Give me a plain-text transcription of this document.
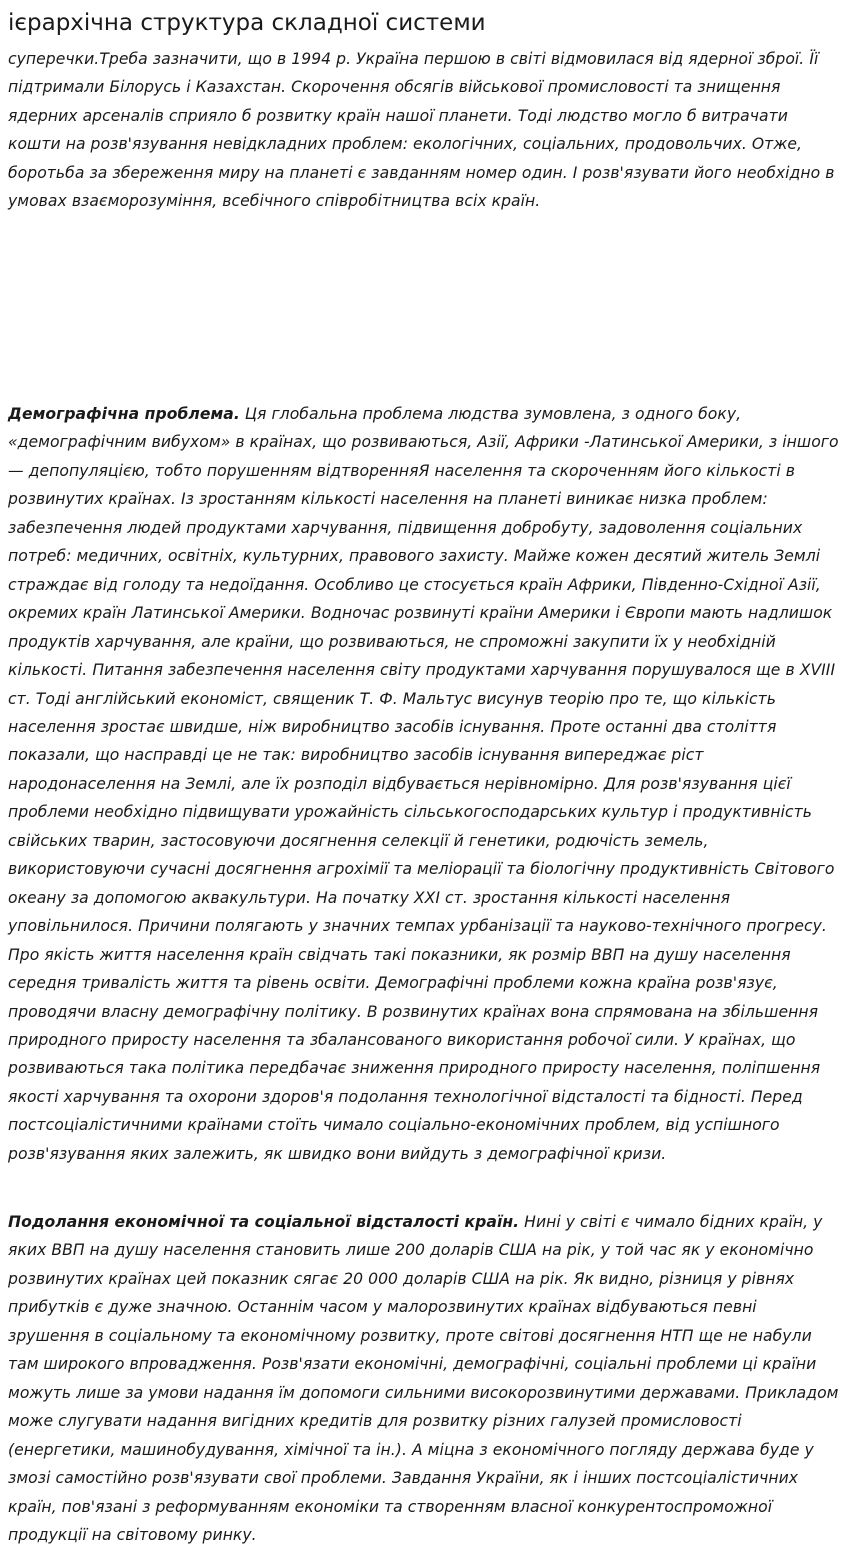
ієрархічна структура складної системи

суперечки.Треба зазначити, що в 1994 р. Україна першою в світі відмовилася від ядерної зброї. Її підтримали Білорусь і Казахстан. Скорочення обсягів військової промисловості та знищення ядерних арсеналів сприяло б розвитку країн нашої планети. Тоді людство могло б витрачати кошти на розв'язування невідкладних проблем: екологічних, соціальних, продовольчих. Отже, боротьба за збереження миру на планеті є завданням номер один. І розв'язувати його необхідно в умовах взаєморозуміння, всебічного співробітництва всіх країн.

Демографічна проблема. Ця глобальна проблема людства зумовлена, з одного боку, «демографічним вибухом» в країнах, що розвиваються, Азії, Африки -Латинської Америки, з іншого — депопуляцією, тобто порушенням відтворенняЯ населення та скороченням його кількості в розвинутих країнах. Із зростанням кількості населення на планеті виникає низка проблем: забезпечення людей продуктами харчування, підвищення добробуту, задоволення соціальних потреб: медичних, освітніх, культурних, правового захисту. Майже кожен десятий житель Землі страждає від голоду та недоїдання. Особливо це стосується країн Африки, Південно-Східної Азії, окремих країн Латинської Америки. Водночас розвинуті країни Америки і Європи мають надлишок продуктів харчування, але країни, що розвиваються, не спроможні закупити їх у необхідній кількості. Питання забезпечення населення світу продуктами харчування порушувалося ще в XVIII ст. Тоді англійський економіст, священик Т. Ф. Мальтус висунув теорію про те, що кількість населення зростає швидше, ніж виробництво засобів існування. Проте останні два століття показали, що насправді це не так: виробництво засобів існування випереджає ріст народонаселення на Землі, але їх розподіл відбувається нерівномірно. Для розв'язування цієї проблеми необхідно підвищувати урожайність сільськогосподарських культур і продуктивність свійських тварин, застосовуючи досягнення селекції й генетики, родючість земель, використовуючи сучасні досягнення агрохімії та меліорації та біологічну продуктивність Світового океану за допомогою аквакультури. На початку XXI ст. зростання кількості населення уповільнилося. Причини полягають у значних темпах урбанізації та науково-технічного прогресу. Про якість життя населення країн свідчать такі показники, як розмір ВВП на душу населення середня тривалість життя та рівень освіти. Демографічні проблеми кожна країна розв'язує, проводячи власну демографічну політику. В розвинутих країнах вона спрямована на збільшення природного приросту населення та збалансованого використання робочої сили. У країнах, що розвиваються така політика передбачає зниження природного приросту населення, поліпшення якості харчування та охорони здоров'я подолання технологічної відсталості та бідності. Перед постсоціалістичними країнами стоїть чимало соціально-економічних проблем, від успішного розв'язування яких залежить, як швидко вони вийдуть з демографічної кризи.

Подолання економічної та соціальної відсталості країн. Нині у світі є чимало бідних країн, у яких ВВП на душу населення становить лише 200 доларів США на рік, у той час як у економічно розвинутих країнах цей показник сягає 20 000 доларів США на рік. Як видно, різниця у рівнях прибутків є дуже значною. Останнім часом у малорозвинутих країнах відбуваються певні зрушення в соціальному та економічному розвитку, проте світові досягнення НТП ще не набули там широкого впровадження. Розв'язати економічні, демографічні, соціальні проблеми ці країни можуть лише за умови надання їм допомоги сильними високорозвинутими державами. Прикладом може слугувати надання вигідних кредитів для розвитку різних галузей промисловості (енергетики, машинобудування, хімічної та ін.). А міцна з економічного погляду держава буде у змозі самостійно розв'язувати свої проблеми. Завдання України, як і інших постсоціалістичних країн, пов'язані з реформуванням економіки та створенням власної конкурентоспроможної продукції на світовому ринку.
